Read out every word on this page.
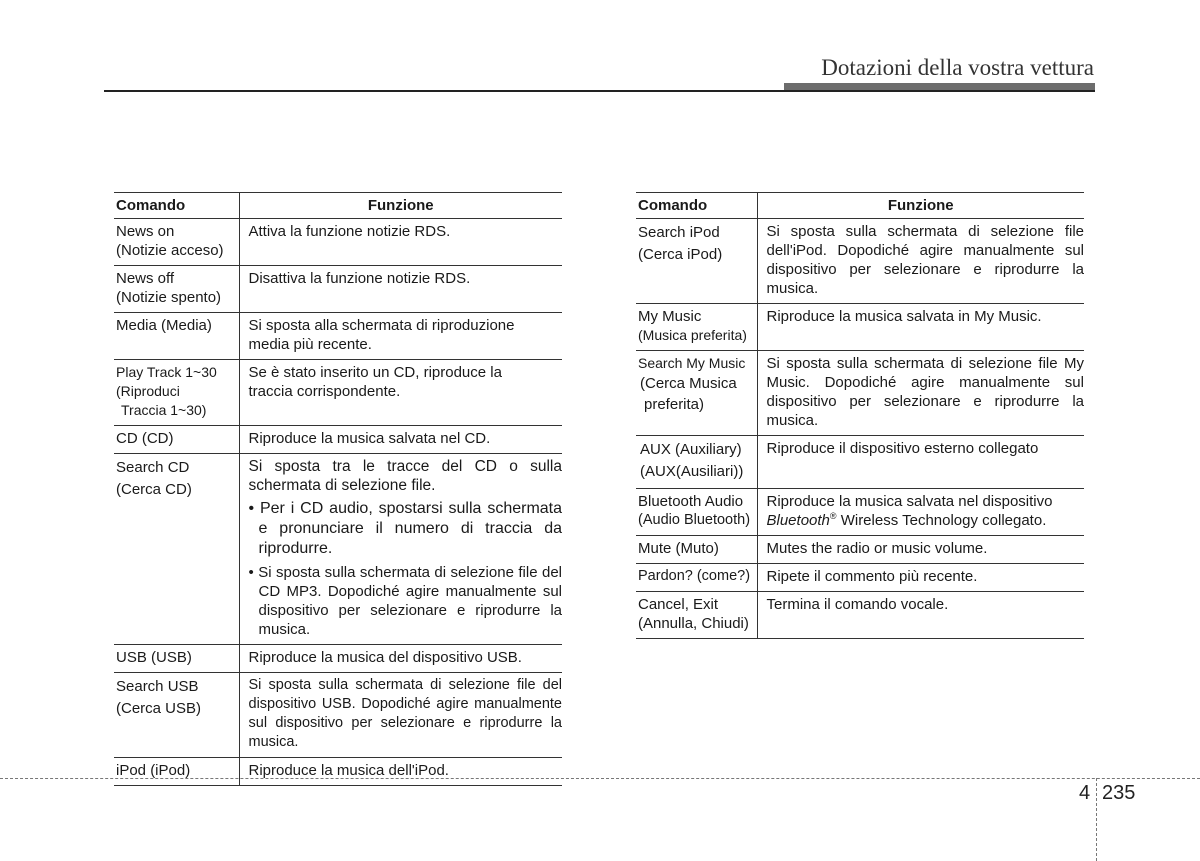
Dotazioni della vostra vettura
Comando	Funzione

News on
(Notizie acceso)	Attiva la funzione notizie RDS.

News off
(Notizie spento)	Disattiva la funzione notizie RDS.

Media (Media)	Si sposta alla schermata di riproduzione media più recente.

Play Track 1~30
(Riproduci
Traccia 1~30)	Se è stato inserito un CD, riproduce la traccia corrispondente.

CD (CD)	Riproduce la musica salvata nel CD.

Search CD
(Cerca CD)	Si sposta tra le tracce del CD o sulla schermata di selezione file.
• Per i CD audio, spostarsi sulla schermata e pronunciare il numero di traccia da riprodurre.
• Si sposta sulla schermata di selezione file del CD MP3. Dopodiché agire manualmente sul dispositivo per selezionare e riprodurre la musica.

USB (USB)	Riproduce la musica del dispositivo USB.

Search USB
(Cerca USB)	Si sposta sulla schermata di selezione file del dispositivo USB. Dopodiché agire manualmente sul dispositivo per selezionare e riprodurre la musica.

iPod (iPod)	Riproduce la musica dell'iPod.
Comando	Funzione

Search iPod
(Cerca iPod)	Si sposta sulla schermata di selezione file dell'iPod. Dopodiché agire manualmente sul dispositivo per selezionare e riprodurre la musica.

My Music
(Musica preferita)	Riproduce la musica salvata in My Music.

Search My Music
(Cerca Musica
preferita)	Si sposta sulla schermata di selezione file My Music. Dopodiché agire manualmente sul dispositivo per selezionare e riprodurre la musica.

AUX (Auxiliary)
(AUX(Ausiliari))	Riproduce il dispositivo esterno collegato

Bluetooth Audio
(Audio Bluetooth)	Riproduce la musica salvata nel dispositivo
Bluetooth® Wireless Technology collegato.

Mute (Muto)	Mutes the radio or music volume.

Pardon? (come?)	Ripete il commento più recente.

Cancel, Exit
(Annulla, Chiudi)	Termina il comando vocale.
4 235
